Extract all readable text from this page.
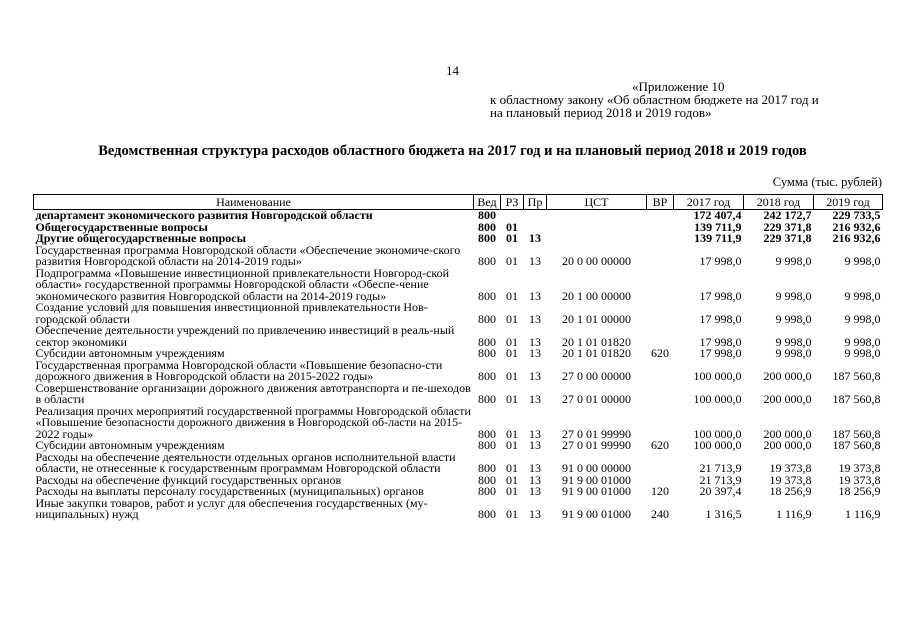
14
«Приложение 10
к областному закону «Об областном бюджете на 2017 год и
на плановый период 2018 и 2019 годов»
Ведомственная структура расходов областного бюджета на 2017 год и на плановый период 2018 и 2019 годов
Сумма (тыс. рублей)
Наименование	Вед	РЗ	Пр	ЦСТ	ВР	2017 год	2018 год	2019 год
департамент экономического развития Новгородской области	800					172 407,4	242 172,7	229 733,5
Общегосударственные вопросы	800	01				139 711,9	229 371,8	216 932,6
Другие общегосударственные вопросы	800	01	13			139 711,9	229 371,8	216 932,6
Государственная программа Новгородской области «Обеспечение экономиче-ского развития Новгородской области на 2014-2019 годы»	800	01	13	20 0 00 00000		17 998,0	9 998,0	9 998,0
Подпрограмма «Повышение инвестиционной привлекательности Новгород-ской области» государственной программы Новгородской области «Обеспе-чение экономического развития Новгородской области на 2014-2019 годы»	800	01	13	20 1 00 00000		17 998,0	9 998,0	9 998,0
Создание условий для повышения инвестиционной привлекательности Нов-городской области	800	01	13	20 1 01 00000		17 998,0	9 998,0	9 998,0
Обеспечение деятельности учреждений по привлечению инвестиций в реаль-ный сектор экономики	800	01	13	20 1 01 01820		17 998,0	9 998,0	9 998,0
Субсидии автономным учреждениям	800	01	13	20 1 01 01820	620	17 998,0	9 998,0	9 998,0
Государственная программа Новгородской области «Повышение безопасно-сти дорожного движения в Новгородской области на 2015-2022 годы»	800	01	13	27 0 00 00000		100 000,0	200 000,0	187 560,8
Совершенствование организации дорожного движения автотранспорта и пе-шеходов в области	800	01	13	27 0 01 00000		100 000,0	200 000,0	187 560,8
Реализация прочих мероприятий государственной программы Новгородской области «Повышение безопасности дорожного движения в Новгородской об-ласти на 2015-2022 годы»	800	01	13	27 0 01 99990		100 000,0	200 000,0	187 560,8
Субсидии автономным учреждениям	800	01	13	27 0 01 99990	620	100 000,0	200 000,0	187 560,8
Расходы на обеспечение деятельности отдельных органов исполнительной власти области, не отнесенные к государственным программам Новгородской области	800	01	13	91 0 00 00000		21 713,9	19 373,8	19 373,8
Расходы на обеспечение функций государственных органов	800	01	13	91 9 00 01000		21 713,9	19 373,8	19 373,8
Расходы на выплаты персоналу государственных (муниципальных) органов	800	01	13	91 9 00 01000	120	20 397,4	18 256,9	18 256,9
Иные закупки товаров, работ и услуг для обеспечения государственных (му-ниципальных) нужд	800	01	13	91 9 00 01000	240	1 316,5	1 116,9	1 116,9
